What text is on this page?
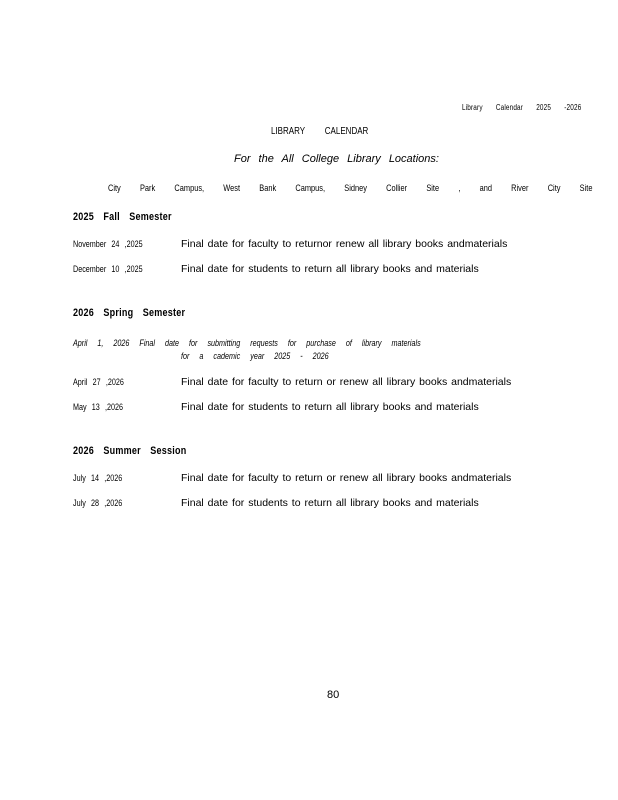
Library Calendar 2025 -2026
LIBRARY CALENDAR
For the All College Library Locations:
City Park Campus, West Bank Campus, Sidney Collier Site , and River City Site
2025 Fall Semester
November 24 ,2025	Final date for faculty to returnor renew all library books andmaterials
December 10 ,2025	Final date for students to return all library books and materials
2026 Spring Semester
April 1, 2026 Final date for submitting requests for purchase of library materials
for a cademic year 2025 - 2026
April 27 ,2026	Final date for faculty to return or renew all library books andmaterials
May 13 ,2026	Final date for students to return all library books and materials
2026 Summer Session
July 14 ,2026	Final date for faculty to return or renew all library books andmaterials
July 28 ,2026	Final date for students to return all library books and materials
80
